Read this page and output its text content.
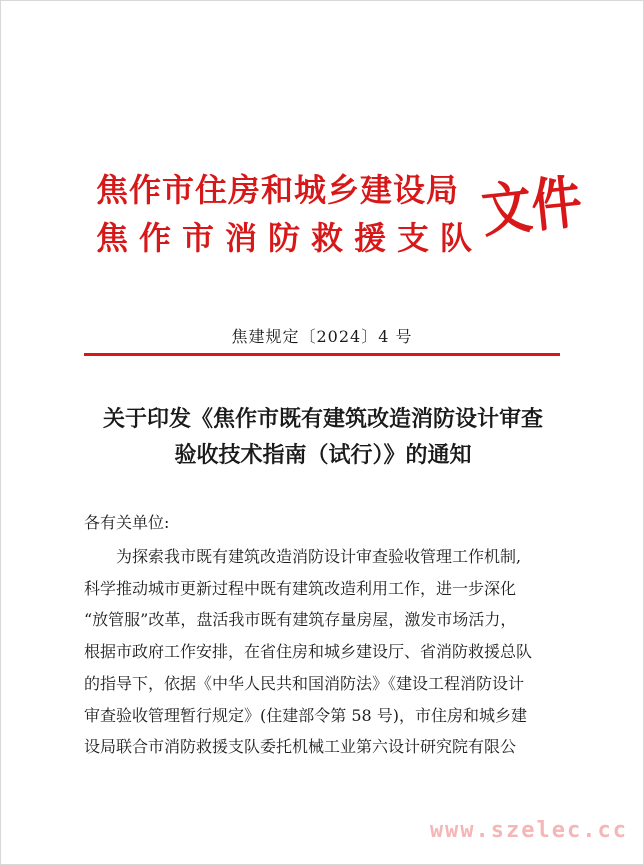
焦作市住房和城乡建设局
焦作市消防救援支队
文件
焦建规定〔2024〕4 号
关于印发《焦作市既有建筑改造消防设计审查
验收技术指南（试行）》的通知
各有关单位:
为探索我市既有建筑改造消防设计审查验收管理工作机制,
科学推动城市更新过程中既有建筑改造利用工作，进一步深化
“放管服”改革，盘活我市既有建筑存量房屋，激发市场活力，
根据市政府工作安排，在省住房和城乡建设厅、省消防救援总队
的指导下，依据《中华人民共和国消防法》《建设工程消防设计
审查验收管理暂行规定》(住建部令第 58 号)，市住房和城乡建
设局联合市消防救援支队委托机械工业第六设计研究院有限公
www.szelec.cc
